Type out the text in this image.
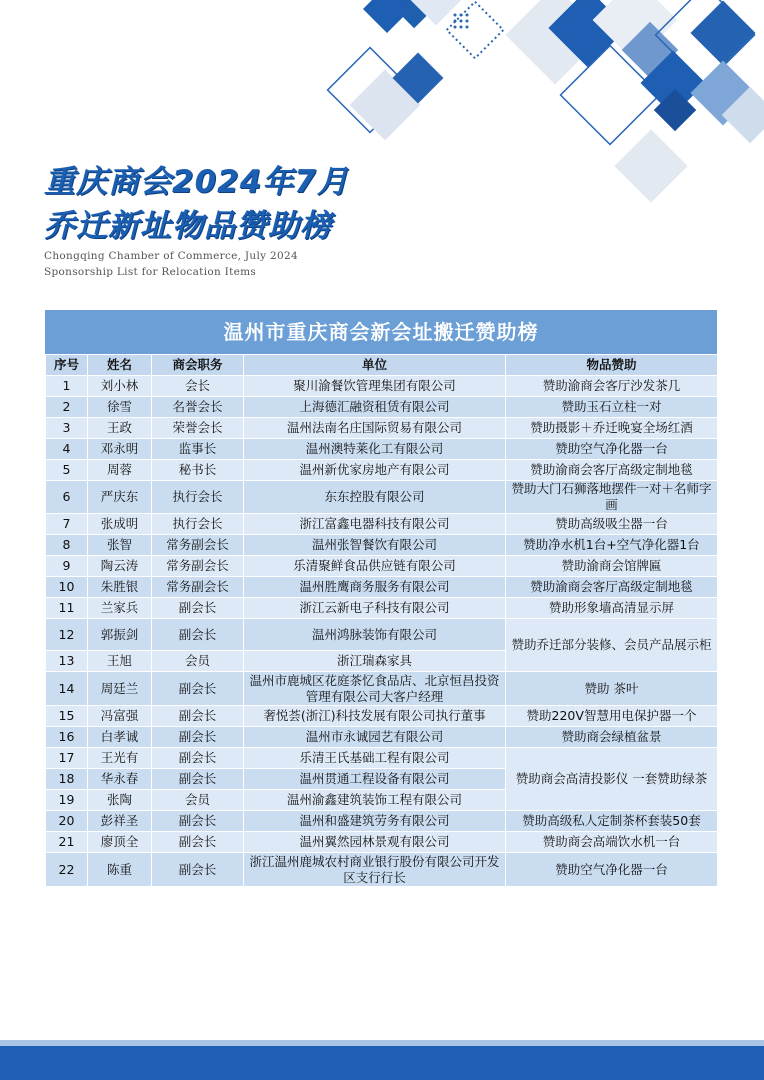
重庆商会2024年7月
乔迁新址物品赞助榜
Chongqing Chamber of Commerce, July 2024
Sponsorship List for Relocation Items
温州市重庆商会新会址搬迁赞助榜
序号	姓名	商会职务	单位	物品赞助
1	刘小林	会长	聚川渝餐饮管理集团有限公司	赞助渝商会客厅沙发茶几
2	徐雪	名誉会长	上海德汇融资租赁有限公司	赞助玉石立柱一对
3	王政	荣誉会长	温州法南名庄国际贸易有限公司	赞助摄影＋乔迁晚宴全场红酒
4	邓永明	监事长	温州澳特莱化工有限公司	赞助空气净化器一台
5	周蓉	秘书长	温州新优家房地产有限公司	赞助渝商会客厅高级定制地毯
6	严庆东	执行会长	东东控股有限公司	赞助大门石狮落地摆件一对＋名师字画
7	张成明	执行会长	浙江富鑫电器科技有限公司	赞助高级吸尘器一台
8	张智	常务副会长	温州张智餐饮有限公司	赞助净水机1台+空气净化器1台
9	陶云涛	常务副会长	乐清聚鲜食品供应链有限公司	赞助渝商会馆牌匾
10	朱胜银	常务副会长	温州胜鹰商务服务有限公司	赞助渝商会客厅高级定制地毯
11	兰家兵	副会长	浙江云新电子科技有限公司	赞助形象墙高清显示屏
12	郭振剑	副会长	温州鸿脉装饰有限公司	赞助乔迁部分装修、会员产品展示柜
13	王旭	会员	浙江瑞森家具	
14	周廷兰	副会长	温州市鹿城区花庭茶忆食品店、北京恒昌投资管理有限公司大客户经理	赞助 茶叶
15	冯富强	副会长	奢悦荟(浙江)科技发展有限公司执行董事	赞助220V智慧用电保护器一个
16	白孝诚	副会长	温州市永诚园艺有限公司	赞助商会绿植盆景
17	王光有	副会长	乐清王氏基础工程有限公司	赞助商会高清投影仪 一套赞助绿茶
18	华永春	副会长	温州贯通工程设备有限公司	
19	张陶	会员	温州渝鑫建筑装饰工程有限公司	
20	彭祥圣	副会长	温州和盛建筑劳务有限公司	赞助高级私人定制茶杯套装50套
21	廖顶全	副会长	温州翼然园林景观有限公司	赞助商会高端饮水机一台
22	陈重	副会长	浙江温州鹿城农村商业银行股份有限公司开发区支行行长	赞助空气净化器一台
